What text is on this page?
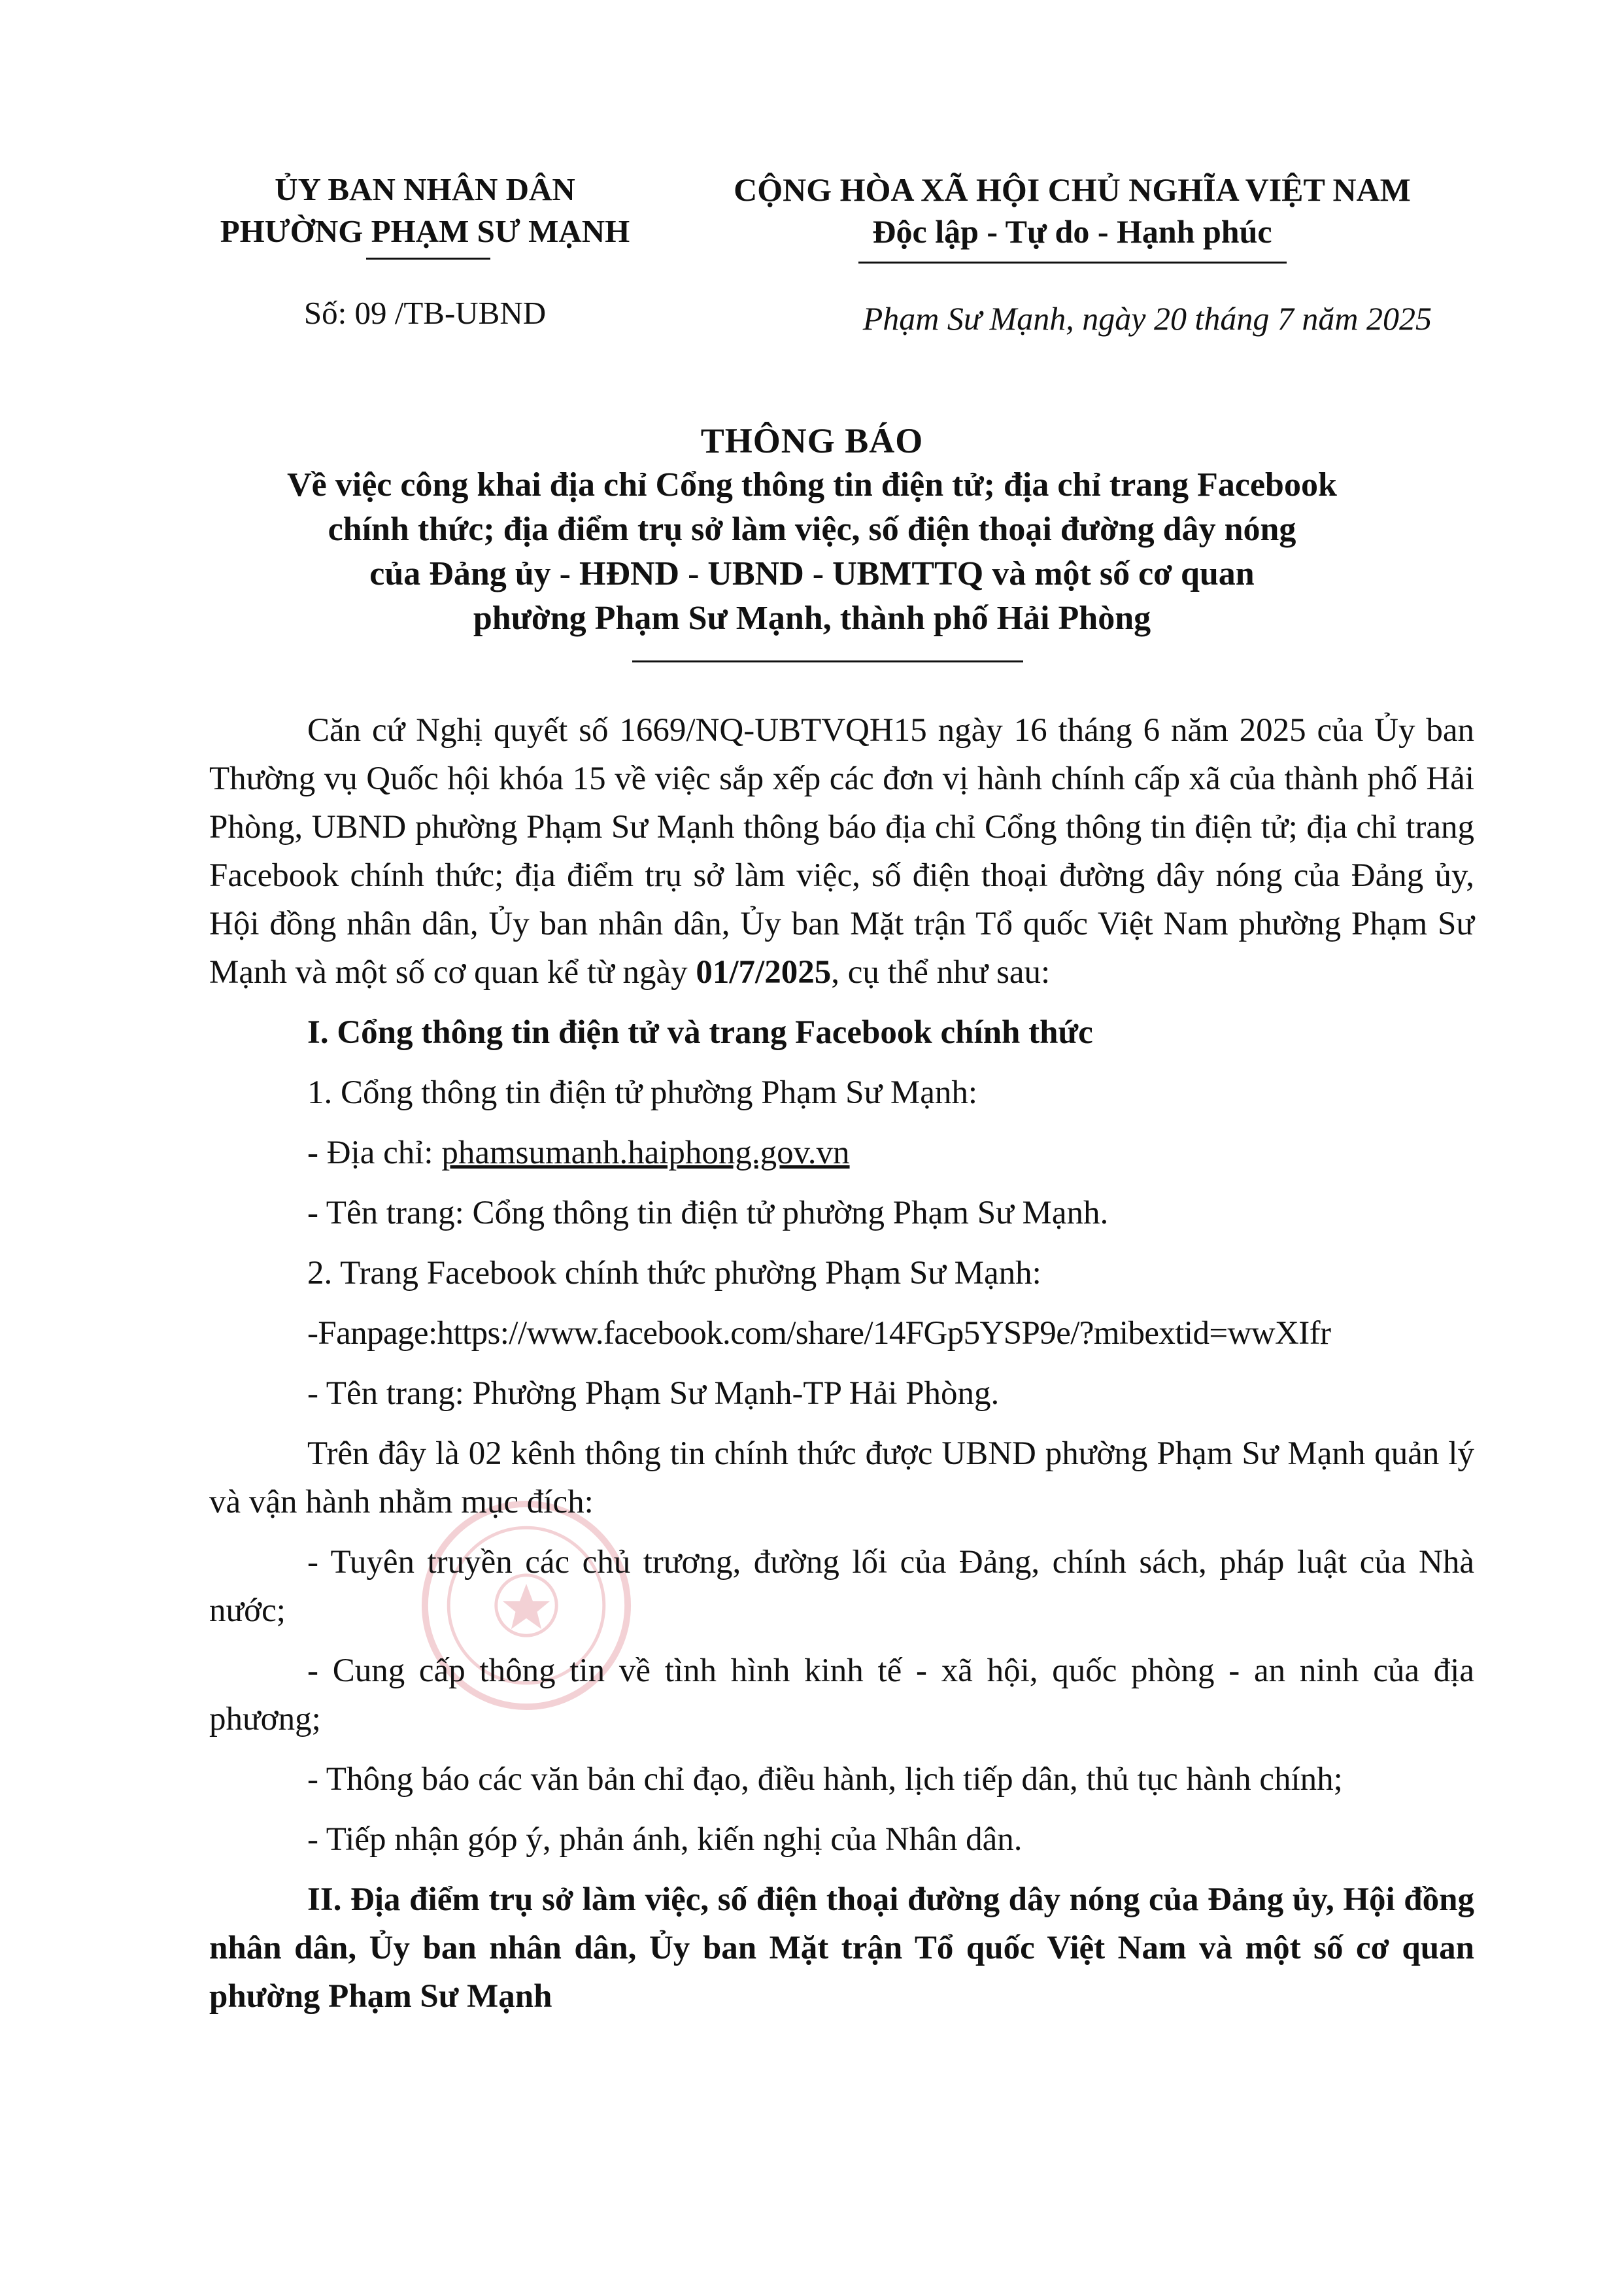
ỦY BAN NHÂN DÂN
PHƯỜNG PHẠM SƯ MẠNH
CỘNG HÒA XÃ HỘI CHỦ NGHĨA VIỆT NAM
Độc lập - Tự do - Hạnh phúc
Số: 09 /TB-UBND	Phạm Sư Mạnh, ngày 20 tháng 7 năm 2025
THÔNG BÁO
Về việc công khai địa chỉ Cổng thông tin điện tử; địa chỉ trang Facebook
chính thức; địa điểm trụ sở làm việc, số điện thoại đường dây nóng
của Đảng ủy - HĐND - UBND - UBMTTQ và một số cơ quan
phường Phạm Sư Mạnh, thành phố Hải Phòng

Căn cứ Nghị quyết số 1669/NQ-UBTVQH15 ngày 16 tháng 6 năm 2025 của Ủy ban Thường vụ Quốc hội khóa 15 về việc sắp xếp các đơn vị hành chính cấp xã của thành phố Hải Phòng, UBND phường Phạm Sư Mạnh thông báo địa chỉ Cổng thông tin điện tử; địa chỉ trang Facebook chính thức; địa điểm trụ sở làm việc, số điện thoại đường dây nóng của Đảng ủy, Hội đồng nhân dân, Ủy ban nhân dân, Ủy ban Mặt trận Tổ quốc Việt Nam phường Phạm Sư Mạnh và một số cơ quan kể từ ngày 01/7/2025, cụ thể như sau:

I. Cổng thông tin điện tử và trang Facebook chính thức

1. Cổng thông tin điện tử phường Phạm Sư Mạnh:

- Địa chỉ: phamsumanh.haiphong.gov.vn

- Tên trang: Cổng thông tin điện tử phường Phạm Sư Mạnh.

2. Trang Facebook chính thức phường Phạm Sư Mạnh:

-Fanpage:https://www.facebook.com/share/14FGp5YSP9e/?mibextid=wwXIfr

- Tên trang: Phường Phạm Sư Mạnh-TP Hải Phòng.

Trên đây là 02 kênh thông tin chính thức được UBND phường Phạm Sư Mạnh quản lý và vận hành nhằm mục đích:

- Tuyên truyền các chủ trương, đường lối của Đảng, chính sách, pháp luật của Nhà nước;

- Cung cấp thông tin về tình hình kinh tế - xã hội, quốc phòng - an ninh của địa phương;

- Thông báo các văn bản chỉ đạo, điều hành, lịch tiếp dân, thủ tục hành chính;

- Tiếp nhận góp ý, phản ánh, kiến nghị của Nhân dân.

II. Địa điểm trụ sở làm việc, số điện thoại đường dây nóng của Đảng ủy, Hội đồng nhân dân, Ủy ban nhân dân, Ủy ban Mặt trận Tổ quốc Việt Nam và một số cơ quan phường Phạm Sư Mạnh
